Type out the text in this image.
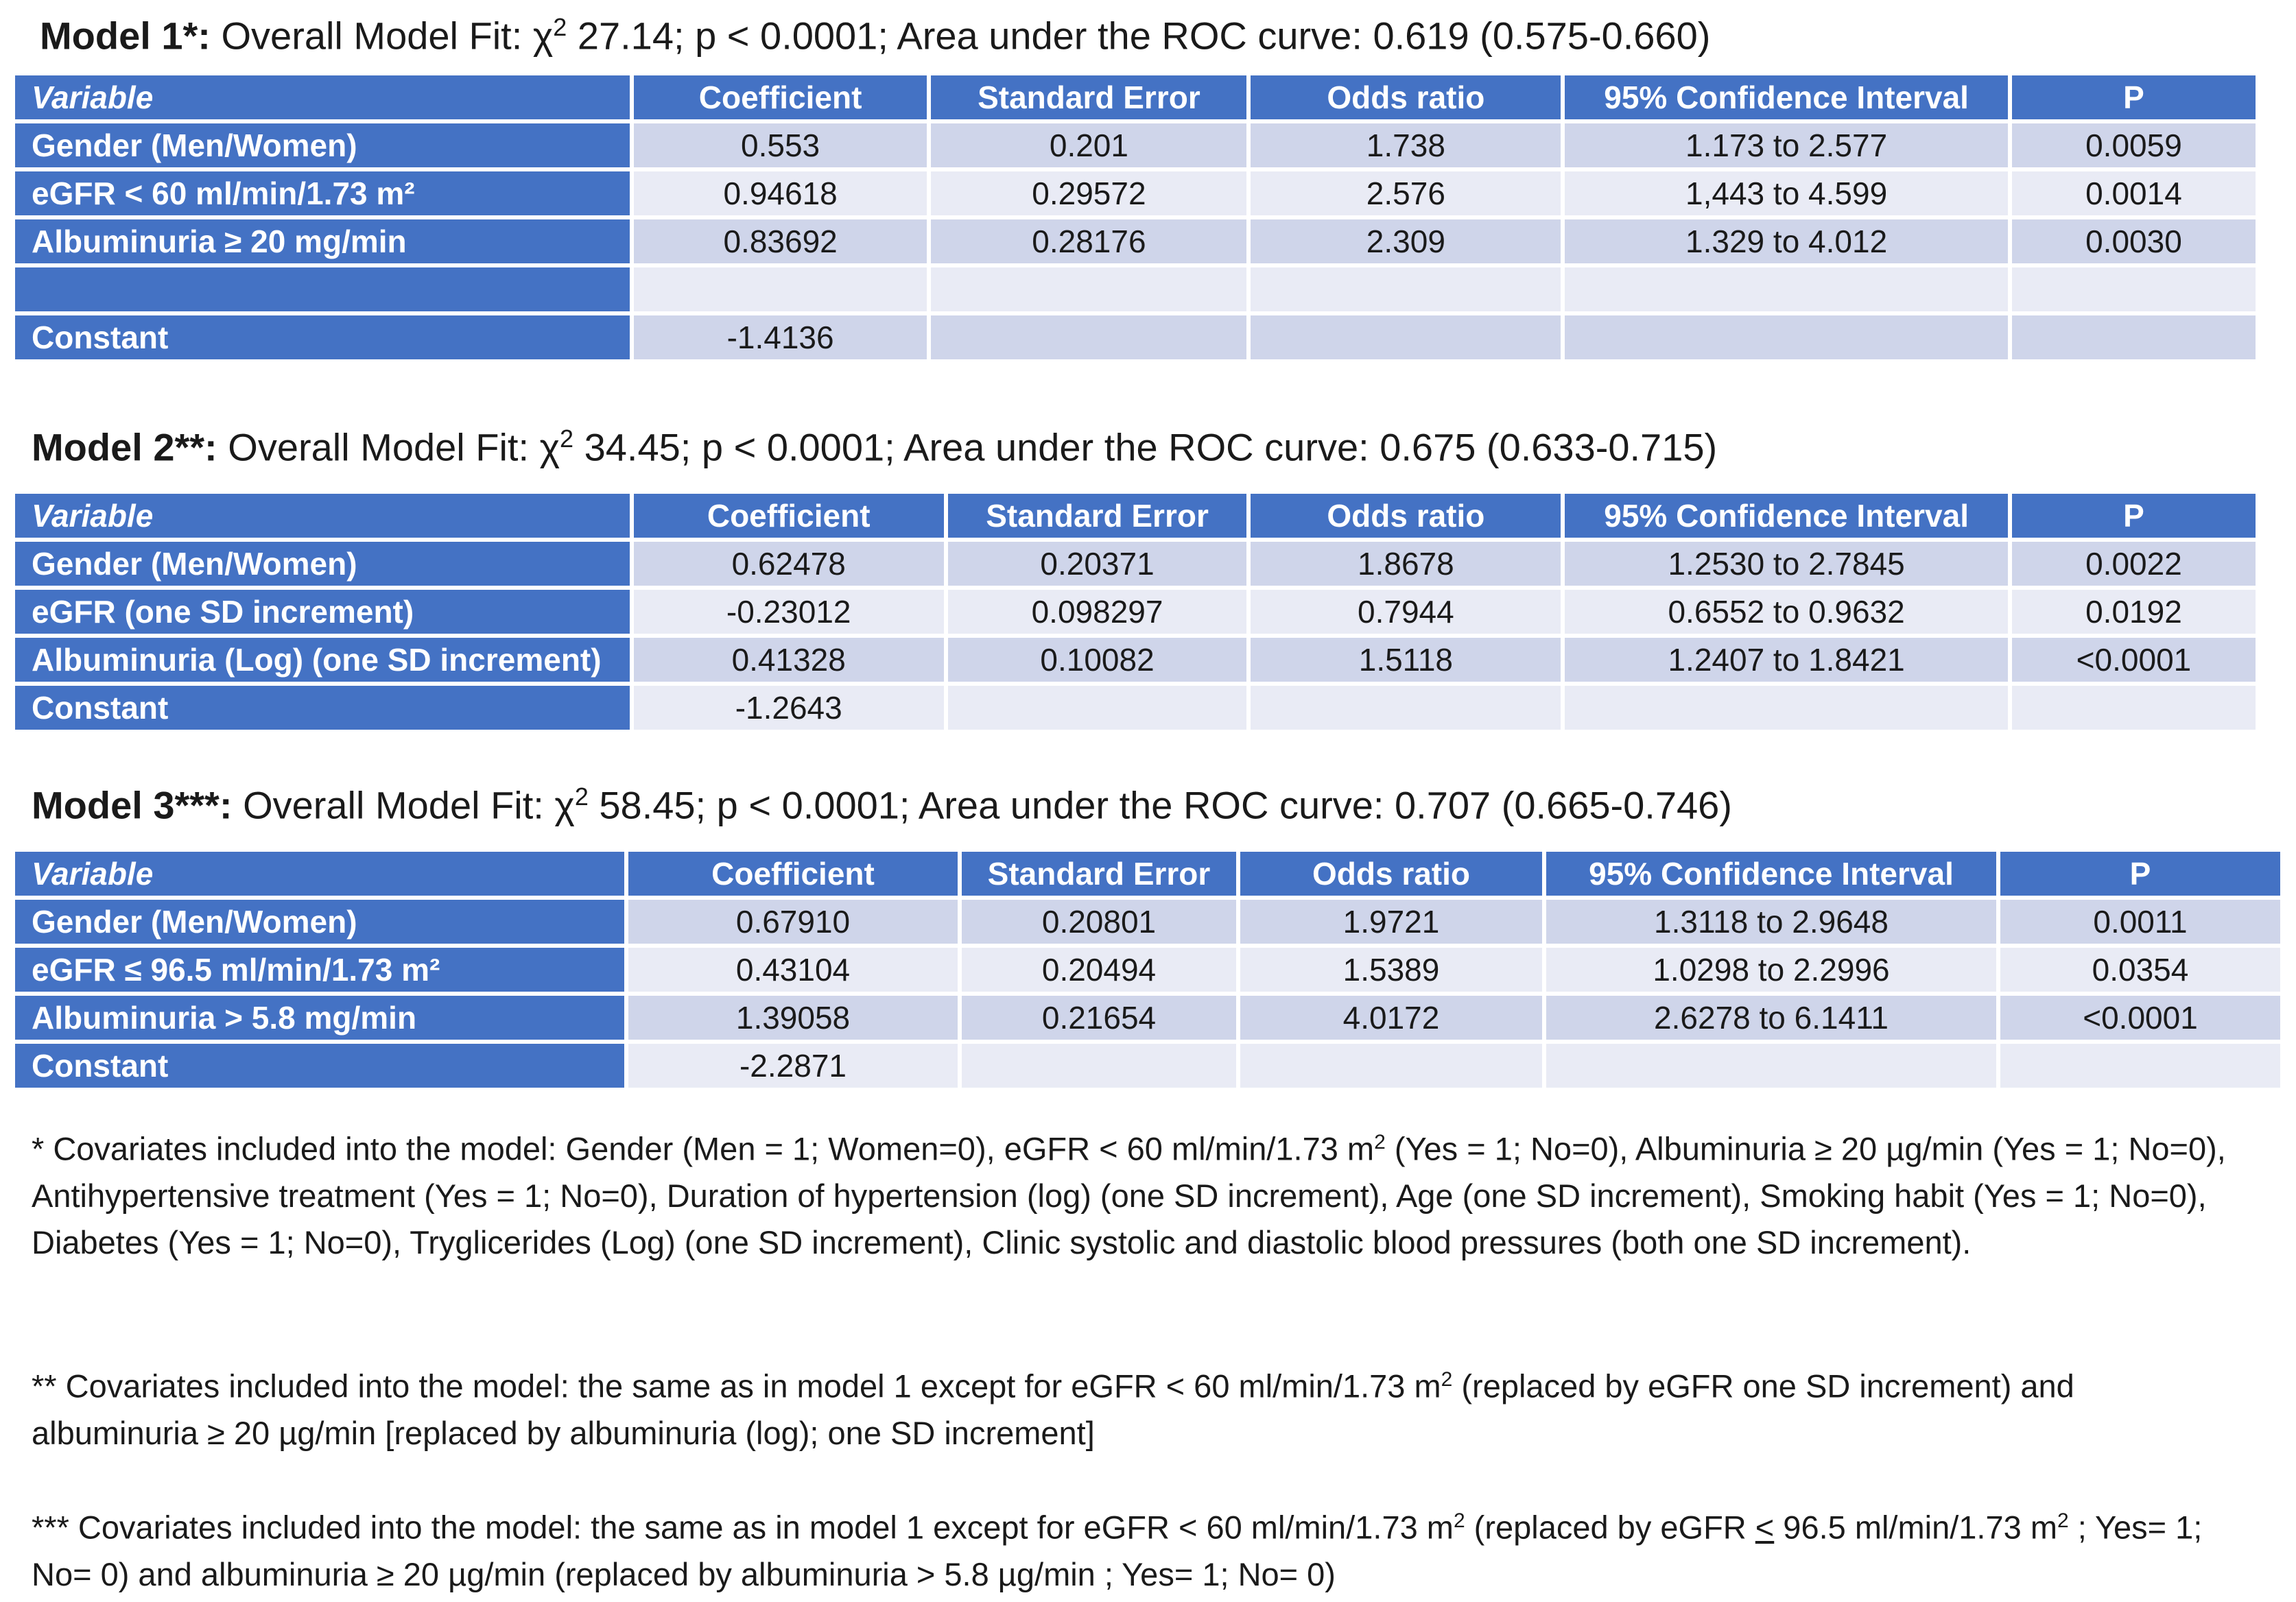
Model 1*: Overall Model Fit: $\chi^2$ 27.14; p < 0.0001; Area under the ROC curve: 0.619 (0.575-0.660)
Variable	Coefficient	Standard Error	Odds ratio	95% Confidence Interval	P
Gender (Men/Women)	0.553	0.201	1.738	1.173 to 2.577	0.0059
eGFR < 60 ml/min/1.73 m²	0.94618	0.29572	2.576	1,443 to 4.599	0.0014
Albuminuria ≥ 20 mg/min	0.83692	0.28176	2.309	1.329 to 4.012	0.0030

Constant	-1.4136				
Model 2**: Overall Model Fit: $\chi^2$ 34.45; p < 0.0001; Area under the ROC curve: 0.675 (0.633-0.715)
Variable	Coefficient	Standard Error	Odds ratio	95% Confidence Interval	P
Gender (Men/Women)	0.62478	0.20371	1.8678	1.2530 to 2.7845	0.0022
eGFR (one SD increment)	-0.23012	0.098297	0.7944	0.6552 to 0.9632	0.0192
Albuminuria (Log) (one SD increment)	0.41328	0.10082	1.5118	1.2407 to 1.8421	<0.0001
Constant	-1.2643				
Model 3***: Overall Model Fit: $\chi^2$ 58.45; p < 0.0001; Area under the ROC curve: 0.707 (0.665-0.746)
Variable	Coefficient	Standard Error	Odds ratio	95% Confidence Interval	P
Gender (Men/Women)	0.67910	0.20801	1.9721	1.3118 to 2.9648	0.0011
eGFR ≤ 96.5 ml/min/1.73 m²	0.43104	0.20494	1.5389	1.0298 to 2.2996	0.0354
Albuminuria > 5.8 mg/min	1.39058	0.21654	4.0172	2.6278 to 6.1411	<0.0001
Constant	-2.2871				
* Covariates included into the model: Gender (Men = 1; Women=0), eGFR < 60 ml/min/1.73 $m^2$ (Yes = 1; No=0), Albuminuria ≥ 20 µg/min (Yes = 1; No=0), Antihypertensive treatment (Yes = 1; No=0), Duration of hypertension (log) (one SD increment), Age (one SD increment), Smoking habit (Yes = 1; No=0), Diabetes (Yes = 1; No=0), Tryglicerides (Log) (one SD increment), Clinic systolic and diastolic blood pressures (both one SD increment).
** Covariates included into the model: the same as in model 1 except for eGFR < 60 ml/min/1.73 $m^2$ (replaced by eGFR one SD increment) and albuminuria ≥ 20 µg/min [replaced by albuminuria (log); one SD increment]
*** Covariates included into the model: the same as in model 1 except for eGFR < 60 ml/min/1.73 $m^2$ (replaced by eGFR < 96.5 ml/min/1.73 $m^2$ ; Yes= 1; No= 0) and albuminuria ≥ 20 µg/min (replaced by albuminuria > 5.8 µg/min ; Yes= 1; No= 0)
